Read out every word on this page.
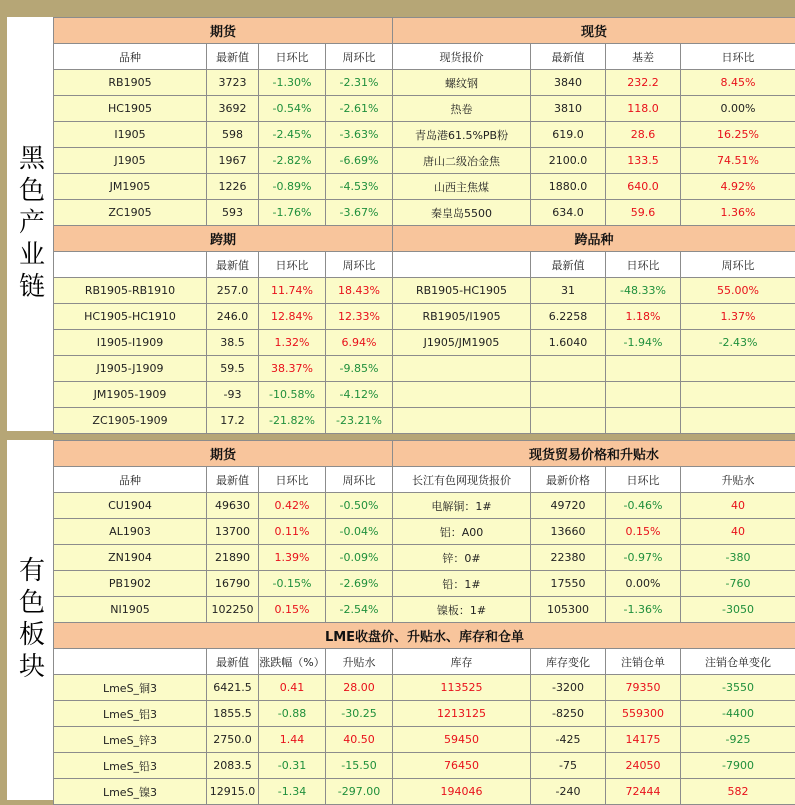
黑色产业链
期货				现货			
品种	最新值	日环比	周环比	现货报价	最新值	基差	日环比
RB1905	3723	-1.30%	-2.31%	螺纹钢	3840	232.2	8.45%
HC1905	3692	-0.54%	-2.61%	热卷	3810	118.0	0.00%
I1905	598	-2.45%	-3.63%	青岛港61.5%PB粉	619.0	28.6	16.25%
J1905	1967	-2.82%	-6.69%	唐山二级冶金焦	2100.0	133.5	74.51%
JM1905	1226	-0.89%	-4.53%	山西主焦煤	1880.0	640.0	4.92%
ZC1905	593	-1.76%	-3.67%	秦皇岛5500	634.0	59.6	1.36%
跨期				跨品种			
	最新值	日环比	周环比		最新值	日环比	周环比
RB1905-RB1910	257.0	11.74%	18.43%	RB1905-HC1905	31	-48.33%	55.00%
HC1905-HC1910	246.0	12.84%	12.33%	RB1905/I1905	6.2258	1.18%	1.37%
I1905-I1909	38.5	1.32%	6.94%	J1905/JM1905	1.6040	-1.94%	-2.43%
J1905-J1909	59.5	38.37%	-9.85%				
JM1905-1909	-93	-10.58%	-4.12%				
ZC1905-1909	17.2	-21.82%	-23.21%				
有色板块
期货				现货贸易价格和升贴水			
品种	最新值	日环比	周环比	长江有色网现货报价	最新价格	日环比	升贴水
CU1904	49630	0.42%	-0.50%	电解铜：1#	49720	-0.46%	40
AL1903	13700	0.11%	-0.04%	铝：A00	13660	0.15%	40
ZN1904	21890	1.39%	-0.09%	锌：0#	22380	-0.97%	-380
PB1902	16790	-0.15%	-2.69%	铅：1#	17550	0.00%	-760
NI1905	102250	0.15%	-2.54%	镍板：1#	105300	-1.36%	-3050
LME收盘价、升贴水、库存和仓单							
	最新值	涨跌幅（%）	升贴水	库存	库存变化	注销仓单	注销仓单变化
LmeS_铜3	6421.5	0.41	28.00	113525	-3200	79350	-3550
LmeS_铝3	1855.5	-0.88	-30.25	1213125	-8250	559300	-4400
LmeS_锌3	2750.0	1.44	40.50	59450	-425	14175	-925
LmeS_铅3	2083.5	-0.31	-15.50	76450	-75	24050	-7900
LmeS_镍3	12915.0	-1.34	-297.00	194046	-240	72444	582
